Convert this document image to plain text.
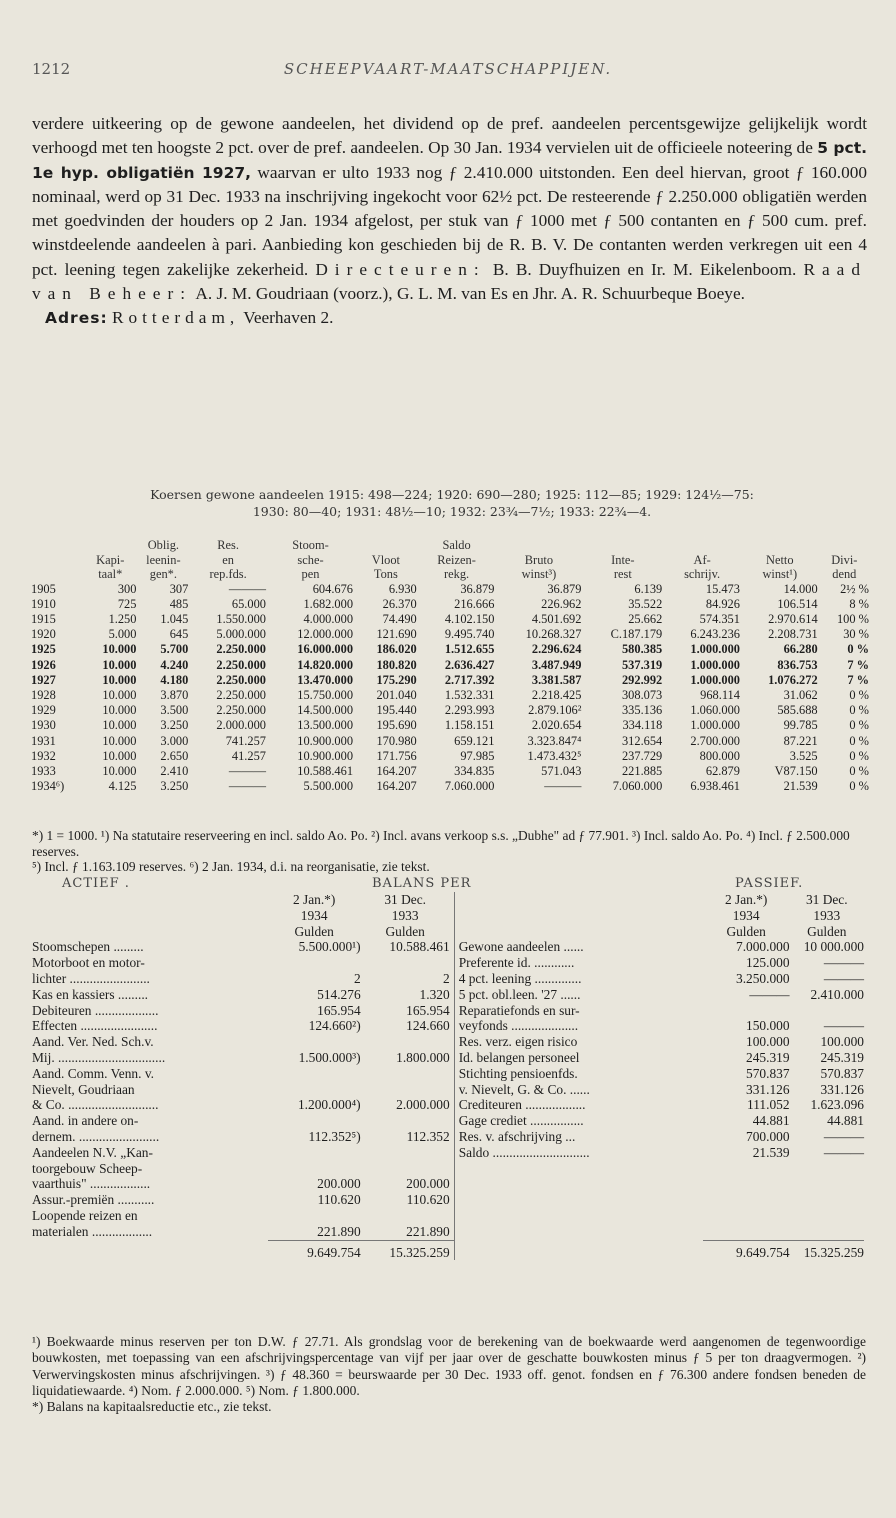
1212	SCHEEPVAART-MAATSCHAPPIJEN.

verdere uitkeering op de gewone aandeelen, het dividend op de pref. aandeelen percentsgewijze gelijkelijk wordt verhoogd met ten hoogste 2 pct. over de pref. aandeelen. Op 30 Jan. 1934 vervielen uit de officieele noteering de 5 pct. 1e hyp. obligatiën 1927, waarvan er ulto 1933 nog ƒ 2.410.000 uitstonden. Een deel hiervan, groot ƒ 160.000 nominaal, werd op 31 Dec. 1933 na inschrijving ingekocht voor 62½ pct. De resteerende ƒ 2.250.000 obligatiën werden met goedvinden der houders op 2 Jan. 1934 afgelost, per stuk van ƒ 1000 met ƒ 500 contanten en ƒ 500 cum. pref. winstdeelende aandeelen à pari. Aanbieding kon geschieden bij de R. B. V. De contanten werden verkregen uit een 4 pct. leening tegen zakelijke zekerheid. Directeuren: B. B. Duyfhuizen en Ir. M. Eikelenboom. Raad van Beheer: A. J. M. Goudriaan (voorz.), G. L. M. van Es en Jhr. A. R. Schuurbeque Boeye.

Adres: Rotterdam, Veerhaven 2.

Koersen gewone aandeelen 1915: 498—224; 1920: 690—280; 1925: 112—85; 1929: 124½—75:
1930: 80—40; 1931: 48½—10; 1932: 23¾—7½; 1933: 22¾—4.
	Kapi-
taal*	Oblig.
leenin-
gen*.	Res.
en
rep.fds.	Stoom-
sche-
pen	Vloot
Tons	Saldo
Reizen-
rekg.	Bruto
winst³)	Inte-
rest	Af-
schrijv.	Netto
winst¹)	Divi-
dend
1905	300	307	———	604.676	6.930	36.879	36.879	6.139	15.473	14.000	2½ %
1910	725	485	65.000	1.682.000	26.370	216.666	226.962	35.522	84.926	106.514	8 %
1915	1.250	1.045	1.550.000	4.000.000	74.490	4.102.150	4.501.692	25.662	574.351	2.970.614	100 %
1920	5.000	645	5.000.000	12.000.000	121.690	9.495.740	10.268.327	C.187.179	6.243.236	2.208.731	30 %
1925	10.000	5.700	2.250.000	16.000.000	186.020	1.512.655	2.296.624	580.385	1.000.000	66.280	0 %
1926	10.000	4.240	2.250.000	14.820.000	180.820	2.636.427	3.487.949	537.319	1.000.000	836.753	7 %
1927	10.000	4.180	2.250.000	13.470.000	175.290	2.717.392	3.381.587	292.992	1.000.000	1.076.272	7 %
1928	10.000	3.870	2.250.000	15.750.000	201.040	1.532.331	2.218.425	308.073	968.114	31.062	0 %
1929	10.000	3.500	2.250.000	14.500.000	195.440	2.293.993	2.879.106²	335.136	1.060.000	585.688	0 %
1930	10.000	3.250	2.000.000	13.500.000	195.690	1.158.151	2.020.654	334.118	1.000.000	99.785	0 %
1931	10.000	3.000	741.257	10.900.000	170.980	659.121	3.323.847⁴	312.654	2.700.000	87.221	0 %
1932	10.000	2.650	41.257	10.900.000	171.756	97.985	1.473.432⁵	237.729	800.000	3.525	0 %
1933	10.000	2.410	———	10.588.461	164.207	334.835	571.043	221.885	62.879	V87.150	0 %
1934⁶)	4.125	3.250	———	5.500.000	164.207	7.060.000	———	7.060.000	6.938.461	21.539	0 %

*) 1 = 1000. ¹) Na statutaire reserveering en incl. saldo Ao. Po. ²) Incl. avans verkoop s.s. „Dubhe" ad ƒ 77.901. ³) Incl. saldo Ao. Po. ⁴) Incl. ƒ 2.500.000 reserves.

⁵) Incl. ƒ 1.163.109 reserves. ⁶) 2 Jan. 1934, d.i. na reorganisatie, zie tekst.

ACTIEF .	BALANS PER	PASSIEF.
	2 Jan.*)	31 Dec.		2 Jan.*)	31 Dec.
	1934	1933		1934	1933
	Gulden	Gulden		Gulden	Gulden
Stoomschepen .........	5.500.000¹)	10.588.461	Gewone aandeelen ......	7.000.000	10 000.000
Motorboot en motor-			Preferente id. ............	125.000	———
lichter ........................	2	2	4 pct. leening ..............	3.250.000	———
Kas en kassiers .........	514.276	1.320	5 pct. obl.leen. '27 ......	———	2.410.000
Debiteuren ...................	165.954	165.954	Reparatiefonds en sur-		
Effecten .......................	124.660²)	124.660	veyfonds ....................	150.000	———
Aand. Ver. Ned. Sch.v.			Res. verz. eigen risico	100.000	100.000
Mij. ................................	1.500.000³)	1.800.000	Id. belangen personeel	245.319	245.319
Aand. Comm. Venn. v.			Stichting pensioenfds.	570.837	570.837
Nievelt, Goudriaan			v. Nievelt, G. & Co. ......	331.126	331.126
& Co. ...........................	1.200.000⁴)	2.000.000	Crediteuren ..................	111.052	1.623.096
Aand. in andere on-			Gage crediet ................	44.881	44.881
dernem. ........................	112.352⁵)	112.352	Res. v. afschrijving ...	700.000	———
Aandeelen N.V. „Kan-			Saldo .............................	21.539	———
toorgebouw Scheep-					
vaarthuis" ..................	200.000	200.000			
Assur.-premiën ...........	110.620	110.620			
Loopende reizen en					
materialen ..................	221.890	221.890			
	9.649.754	15.325.259		9.649.754	15.325.259

¹) Boekwaarde minus reserven per ton D.W. ƒ 27.71. Als grondslag voor de berekening van de boekwaarde werd aangenomen de tegenwoordige bouwkosten, met toepassing van een afschrijvingspercentage van vijf per jaar over de geschatte bouwkosten minus ƒ 5 per ton draagvermogen. ²) Verwervingskosten minus afschrijvingen. ³) ƒ 48.360 = beurswaarde per 30 Dec. 1933 off. genot. fondsen en ƒ 76.300 andere fondsen beneden de liquidatiewaarde. ⁴) Nom. ƒ 2.000.000. ⁵) Nom. ƒ 1.800.000.

*) Balans na kapitaalsreductie etc., zie tekst.
